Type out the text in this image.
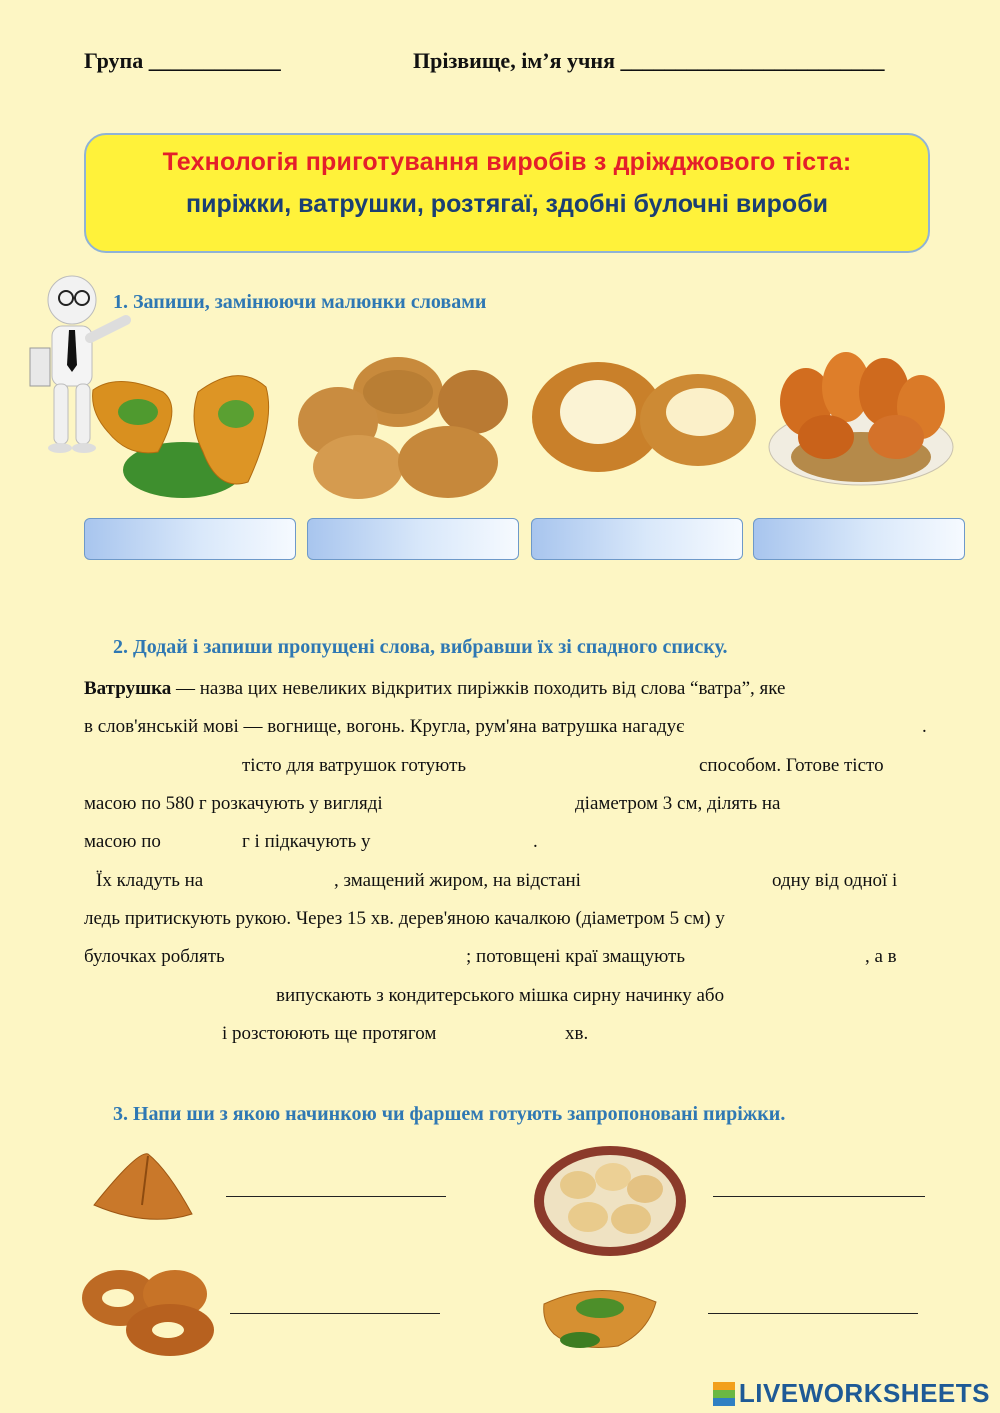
Група ____________	Прізвище, ім’я учня ________________________
Технологія приготування виробів з дріжджового тіста:
пиріжки, ватрушки, розтягаї, здобні булочні вироби
1. Запиши, замінюючи малюнки словами
2. Додай і запиши пропущені слова, вибравши їх зі спадного списку.
Ватрушка — назва цих невеликих відкритих пиріжків походить від слова “ватра”, яке
в слов'янській мові — вогнище, вогонь. Кругла, рум'яна ватрушка нагадує	.
тісто для ватрушок готують	способом. Готове тісто
масою по 580 г розкачують у вигляді	діаметром 3 см, ділять на
масою по	г і підкачують у	.
Їх кладуть на	, змащений жиром, на відстані	одну від одної і
ледь притискують рукою. Через 15 хв. дерев'яною качалкою (діаметром 5 см) у
булочках роблять	; потовщені краї змащують	, а в
випускають з кондитерського мішка сирну начинку або
і розстоюють ще протягом	хв.
3. Напи ши з якою начинкою чи фаршем готують запропоновані пиріжки.
LIVEWORKSHEETS
